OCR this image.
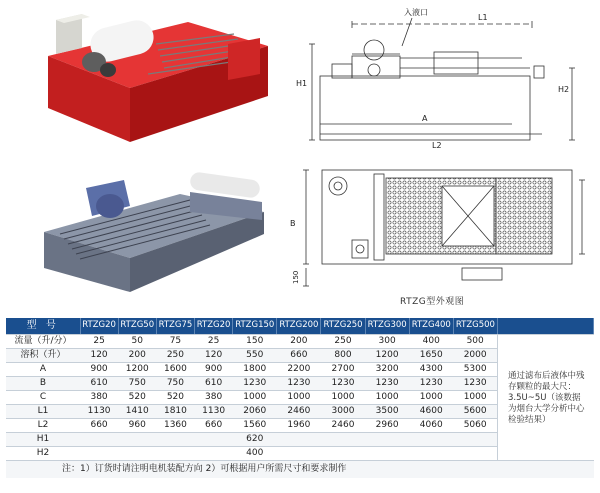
入液口
L1
H1
H2
A
L2
B
150
RTZG型外观图
型 号	RTZG20	RTZG50	RTZG75	RTZG20	RTZG150	RTZG200	RTZG250	RTZG300	RTZG400	RTZG500	
流量（升/分）	25	50	75	25	150	200	250	300	400	500	通过滤布后液体中残存颗粒的最大尺：3.5U~5U（该数据为烟台大学分析中心检验结果）
溶积（升）	120	200	250	120	550	660	800	1200	1650	2000	
A	900	1200	1600	900	1800	2200	2700	3200	4300	5300	
B	610	750	750	610	1230	1230	1230	1230	1230	1230	
C	380	520	520	380	1000	1000	1000	1000	1000	1000	
L1	1130	1410	1810	1130	2060	2460	3000	3500	4600	5600	
L2	660	960	1360	660	1560	1960	2460	2960	4060	5060	
H1					620						
H2					400						
注：1）订货时请注明电机装配方向 2）可根据用户所需尺寸和要求制作											
